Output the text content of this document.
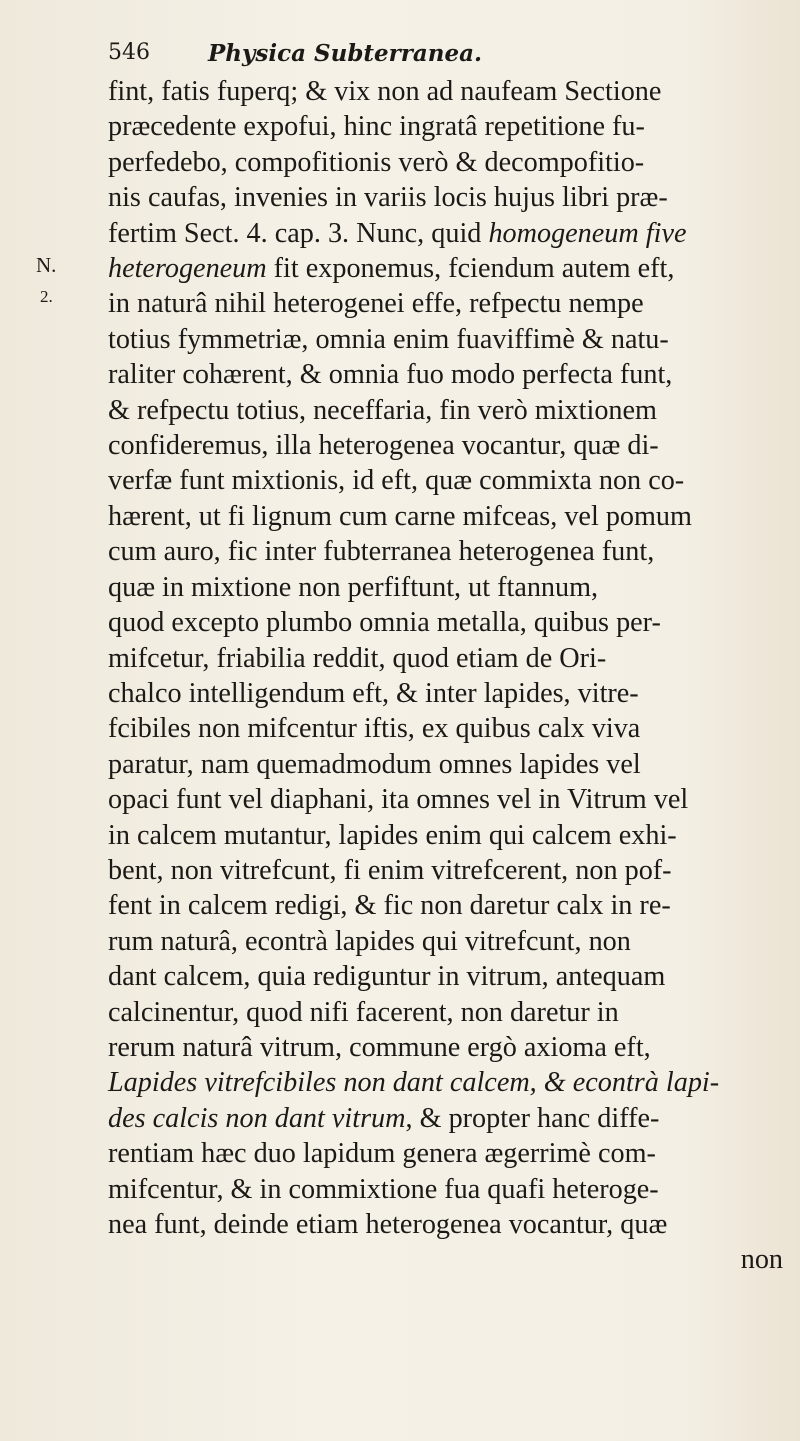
546	Physica Subterranea.
N.
2.
fint, fatis fuperq; & vix non ad naufeam Sectione
præcedente expofui, hinc ingratâ repetitione fu-
perfedebo, compofitionis verò & decompofitio-
nis caufas, invenies in variis locis hujus libri præ-
fertim Sect. 4. cap. 3. Nunc, quid homogeneum five
heterogeneum fit exponemus, fciendum autem eft,
in naturâ nihil heterogenei effe, refpectu nempe
totius fymmetriæ, omnia enim fuaviffimè & natu-
raliter cohærent, & omnia fuo modo perfecta funt,
& refpectu totius, neceffaria, fin verò mixtionem
confideremus, illa heterogenea vocantur, quæ di-
verfæ funt mixtionis, id eft, quæ commixta non co-
hærent, ut fi lignum cum carne mifceas, vel pomum
cum auro, fic inter fubterranea heterogenea funt,
quæ in mixtione non perfiftunt, ut ftannum,
quod excepto plumbo omnia metalla, quibus per-
mifcetur, friabilia reddit, quod etiam de Ori-
chalco intelligendum eft, & inter lapides, vitre-
fcibiles non mifcentur iftis, ex quibus calx viva
paratur, nam quemadmodum omnes lapides vel
opaci funt vel diaphani, ita omnes vel in Vitrum vel
in calcem mutantur, lapides enim qui calcem exhi-
bent, non vitrefcunt, fi enim vitrefcerent, non pof-
fent in calcem redigi, & fic non daretur calx in re-
rum naturâ, econtrà lapides qui vitrefcunt, non
dant calcem, quia rediguntur in vitrum, antequam
calcinentur, quod nifi facerent, non daretur in
rerum naturâ vitrum, commune ergò axioma eft,
Lapides vitrefcibiles non dant calcem, & econtrà lapi-
des calcis non dant vitrum, & propter hanc diffe-
rentiam hæc duo lapidum genera ægerrimè com-
mifcentur, & in commixtione fua quafi heteroge-
nea funt, deinde etiam heterogenea vocantur, quæ
non
